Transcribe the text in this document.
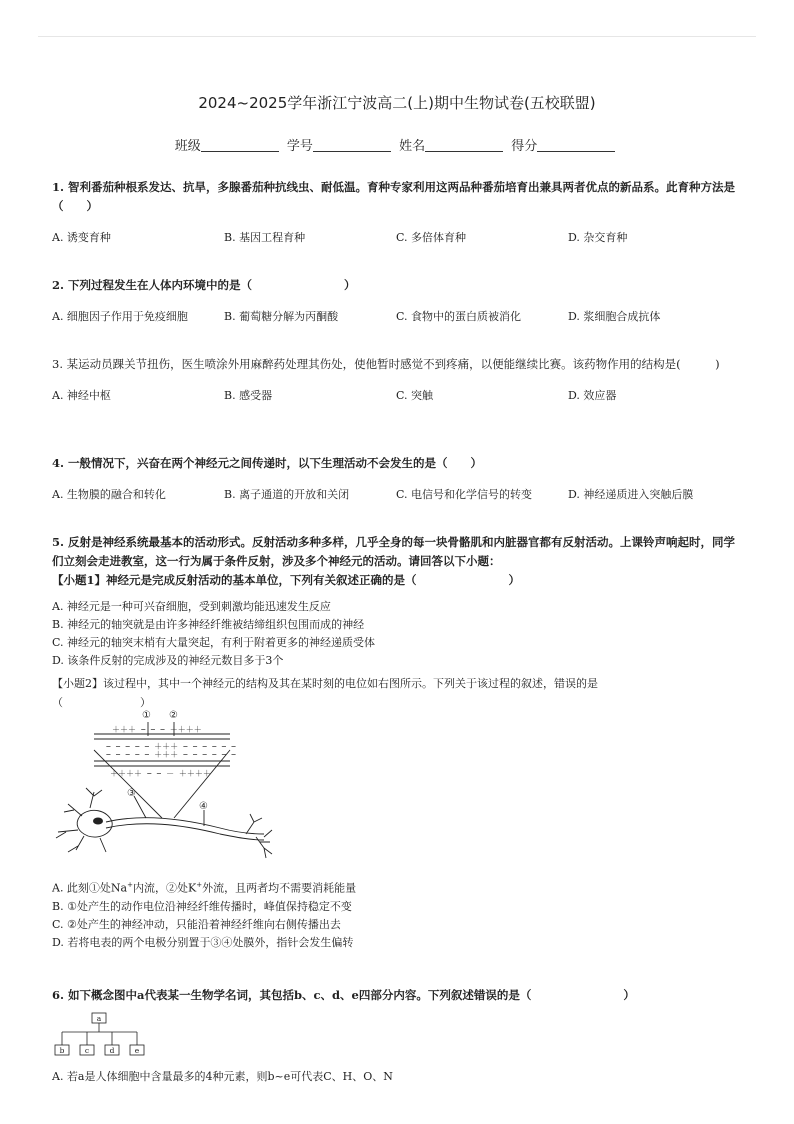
2024~2025学年浙江宁波高二(上)期中生物试卷(五校联盟)
班级	学号	姓名	得分
1. 智利番茄种根系发达、抗旱，多腺番茄种抗线虫、耐低温。育种专家利用这两品种番茄培育出兼具两者优点的新品系。此育种方法是（　　）
A. 诱变育种	B. 基因工程育种	C. 多倍体育种	D. 杂交育种
2. 下列过程发生在人体内环境中的是（　　　　　　　　）
A. 细胞因子作用于免疫细胞	B. 葡萄糖分解为丙酮酸	C. 食物中的蛋白质被消化	D. 浆细胞合成抗体
3. 某运动员踝关节扭伤，医生喷涂外用麻醉药处理其伤处，使他暂时感觉不到疼痛，以便能继续比赛。该药物作用的结构是(　　　)
A. 神经中枢	B. 感受器	C. 突触	D. 效应器
4. 一般情况下，兴奋在两个神经元之间传递时，以下生理活动不会发生的是（　　）
A. 生物膜的融合和转化	B. 离子通道的开放和关闭	C. 电信号和化学信号的转变	D. 神经递质进入突触后膜
5. 反射是神经系统最基本的活动形式。反射活动多种多样，几乎全身的每一块骨骼肌和内脏器官都有反射活动。上课铃声响起时，同学们立刻会走进教室，这一行为属于条件反射，涉及多个神经元的活动。请回答以下小题：
【小题1】神经元是完成反射活动的基本单位，下列有关叙述正确的是（　　　　　　　　）
A. 神经元是一种可兴奋细胞，受到刺激均能迅速发生反应
B. 神经元的轴突就是由许多神经纤维被结缔组织包围而成的神经
C. 神经元的轴突末梢有大量突起，有利于附着更多的神经递质受体
D. 该条件反射的完成涉及的神经元数目多于3个
【小题2】该过程中，其中一个神经元的结构及其在某时刻的电位如右图所示。下列关于该过程的叙述，错误的是
（　　　　　　　）
− − − − − ＋＋＋ − − − − − −
− − − − − ＋＋＋ − − − − − −
＋＋＋ − − − ＋＋＋＋
＋＋＋＋ − − － ＋＋＋＋
① ②
③
④
A. 此刻①处Na+内流，②处K+外流，且两者均不需要消耗能量
B. ①处产生的动作电位沿神经纤维传播时，峰值保持稳定不变
C. ②处产生的神经冲动，只能沿着神经纤维向右侧传播出去
D. 若将电表的两个电极分别置于③④处膜外，指针会发生偏转
6. 如下概念图中a代表某一生物学名词，其包括b、c、d、e四部分内容。下列叙述错误的是（　　　　　　　　）
a
b	c	d	e
A. 若a是人体细胞中含量最多的4种元素，则b~e可代表C、H、O、N
